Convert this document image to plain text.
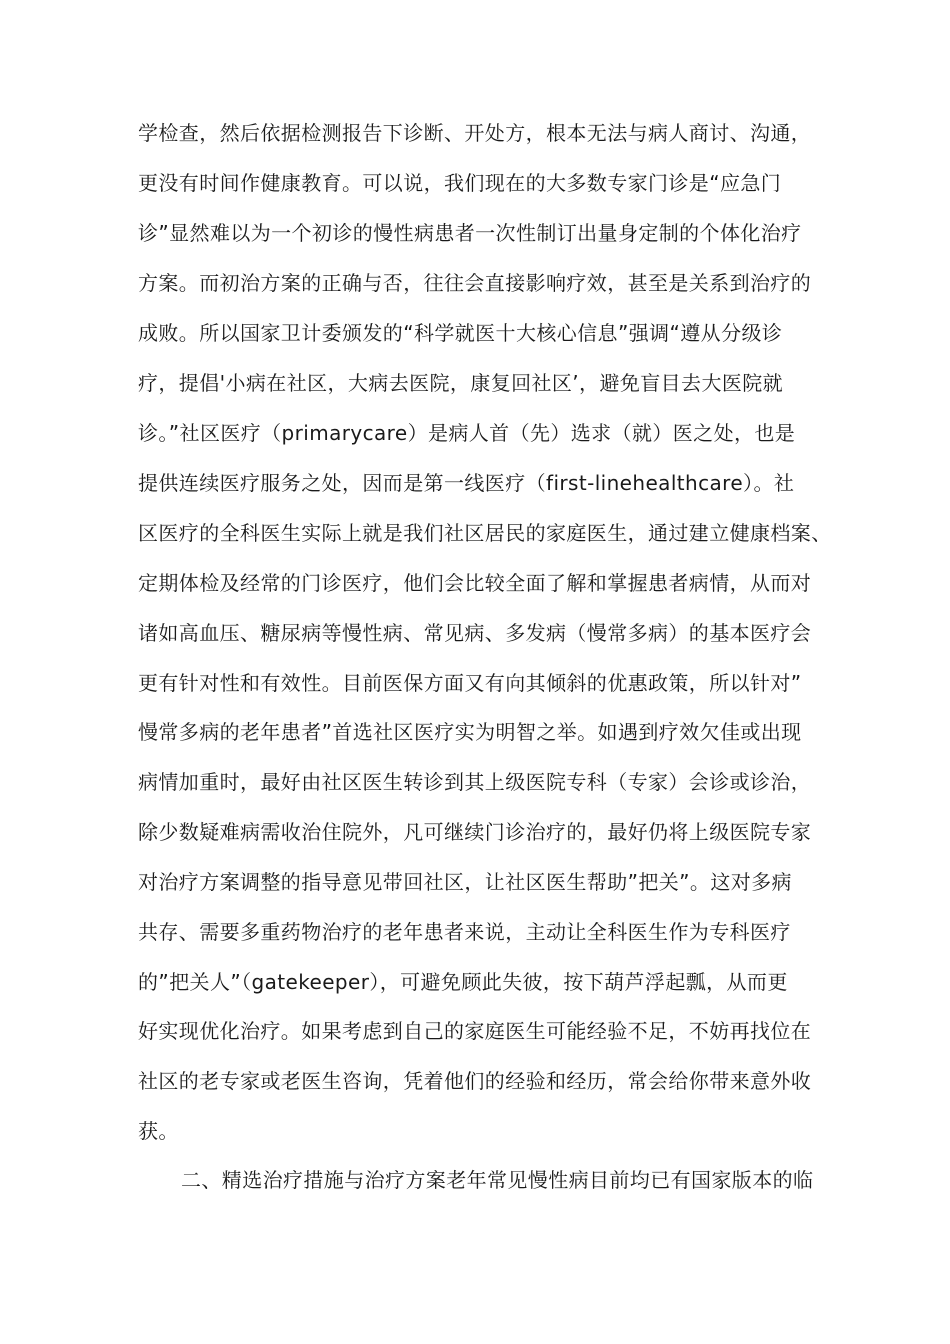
学检查，然后依据检测报告下诊断、开处方，根本无法与病人商讨、沟通，
更没有时间作健康教育。可以说，我们现在的大多数专家门诊是“应急门
诊”显然难以为一个初诊的慢性病患者一次性制订出量身定制的个体化治疗
方案。而初治方案的正确与否，往往会直接影响疗效，甚至是关系到治疗的
成败。所以国家卫计委颁发的“科学就医十大核心信息”强调“遵从分级诊
疗，提倡'小病在社区，大病去医院，康复回社区’，避免盲目去大医院就
诊。”社区医疗（primarycare）是病人首（先）选求（就）医之处，也是
提供连续医疗服务之处，因而是第一线医疗（first-linehealthcare）。社
区医疗的全科医生实际上就是我们社区居民的家庭医生，通过建立健康档案、
定期体检及经常的门诊医疗，他们会比较全面了解和掌握患者病情，从而对
诸如高血压、糖尿病等慢性病、常见病、多发病（慢常多病）的基本医疗会
更有针对性和有效性。目前医保方面又有向其倾斜的优惠政策，所以针对”
慢常多病的老年患者”首选社区医疗实为明智之举。如遇到疗效欠佳或出现
病情加重时，最好由社区医生转诊到其上级医院专科（专家）会诊或诊治，
除少数疑难病需收治住院外，凡可继续门诊治疗的，最好仍将上级医院专家
对治疗方案调整的指导意见带回社区，让社区医生帮助”把关”。这对多病
共存、需要多重药物治疗的老年患者来说，主动让全科医生作为专科医疗
的”把关人”（gatekeeper），可避免顾此失彼，按下葫芦浮起瓢，从而更
好实现优化治疗。如果考虑到自己的家庭医生可能经验不足，不妨再找位在
社区的老专家或老医生咨询，凭着他们的经验和经历，常会给你带来意外收
获。
二、精选治疗措施与治疗方案老年常见慢性病目前均已有国家版本的临
